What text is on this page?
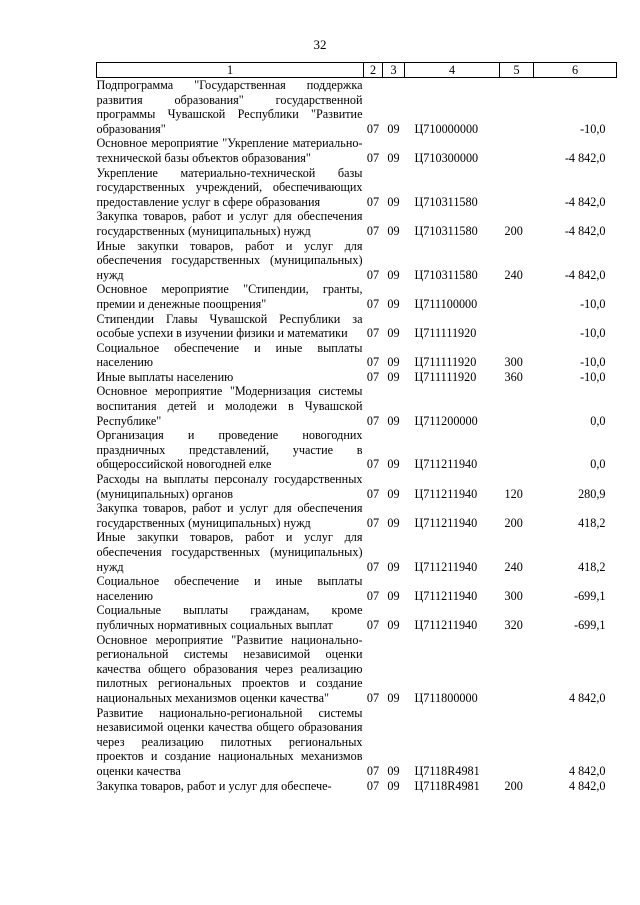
32
1	2	3	4	5	6
Подпрограмма "Государственная поддержка развития образования" государственной программы Чувашской Республики "Развитие образования"	07	09	Ц710000000		-10,0
Основное мероприятие "Укрепление материально-технической базы объектов образования"	07	09	Ц710300000		-4 842,0
Укрепление материально-технической базы государственных учреждений, обеспечивающих предоставление услуг в сфере образования	07	09	Ц710311580		-4 842,0
Закупка товаров, работ и услуг для обеспечения государственных (муниципальных) нужд	07	09	Ц710311580	200	-4 842,0
Иные закупки товаров, работ и услуг для обеспечения государственных (муниципальных) нужд	07	09	Ц710311580	240	-4 842,0
Основное мероприятие "Стипендии, гранты, премии и денежные поощрения"	07	09	Ц711100000		-10,0
Стипендии Главы Чувашской Республики за особые успехи в изучении физики и математики	07	09	Ц711111920		-10,0
Социальное обеспечение и иные выплаты населению	07	09	Ц711111920	300	-10,0
Иные выплаты населению	07	09	Ц711111920	360	-10,0
Основное мероприятие "Модернизация системы воспитания детей и молодежи в Чувашской Республике"	07	09	Ц711200000		0,0
Организация и проведение новогодних праздничных представлений, участие в общероссийской новогодней елке	07	09	Ц711211940		0,0
Расходы на выплаты персоналу государственных (муниципальных) органов	07	09	Ц711211940	120	280,9
Закупка товаров, работ и услуг для обеспечения государственных (муниципальных) нужд	07	09	Ц711211940	200	418,2
Иные закупки товаров, работ и услуг для обеспечения государственных (муниципальных) нужд	07	09	Ц711211940	240	418,2
Социальное обеспечение и иные выплаты населению	07	09	Ц711211940	300	-699,1
Социальные выплаты гражданам, кроме публичных нормативных социальных выплат	07	09	Ц711211940	320	-699,1
Основное мероприятие "Развитие национально-региональной системы независимой оценки качества общего образования через реализацию пилотных региональных проектов и создание национальных механизмов оценки качества"	07	09	Ц711800000		4 842,0
Развитие национально-региональной системы независимой оценки качества общего образования через реализацию пилотных региональных проектов и создание национальных механизмов оценки качества	07	09	Ц7118R4981		4 842,0
Закупка товаров, работ и услуг для обеспече-	07	09	Ц7118R4981	200	4 842,0
